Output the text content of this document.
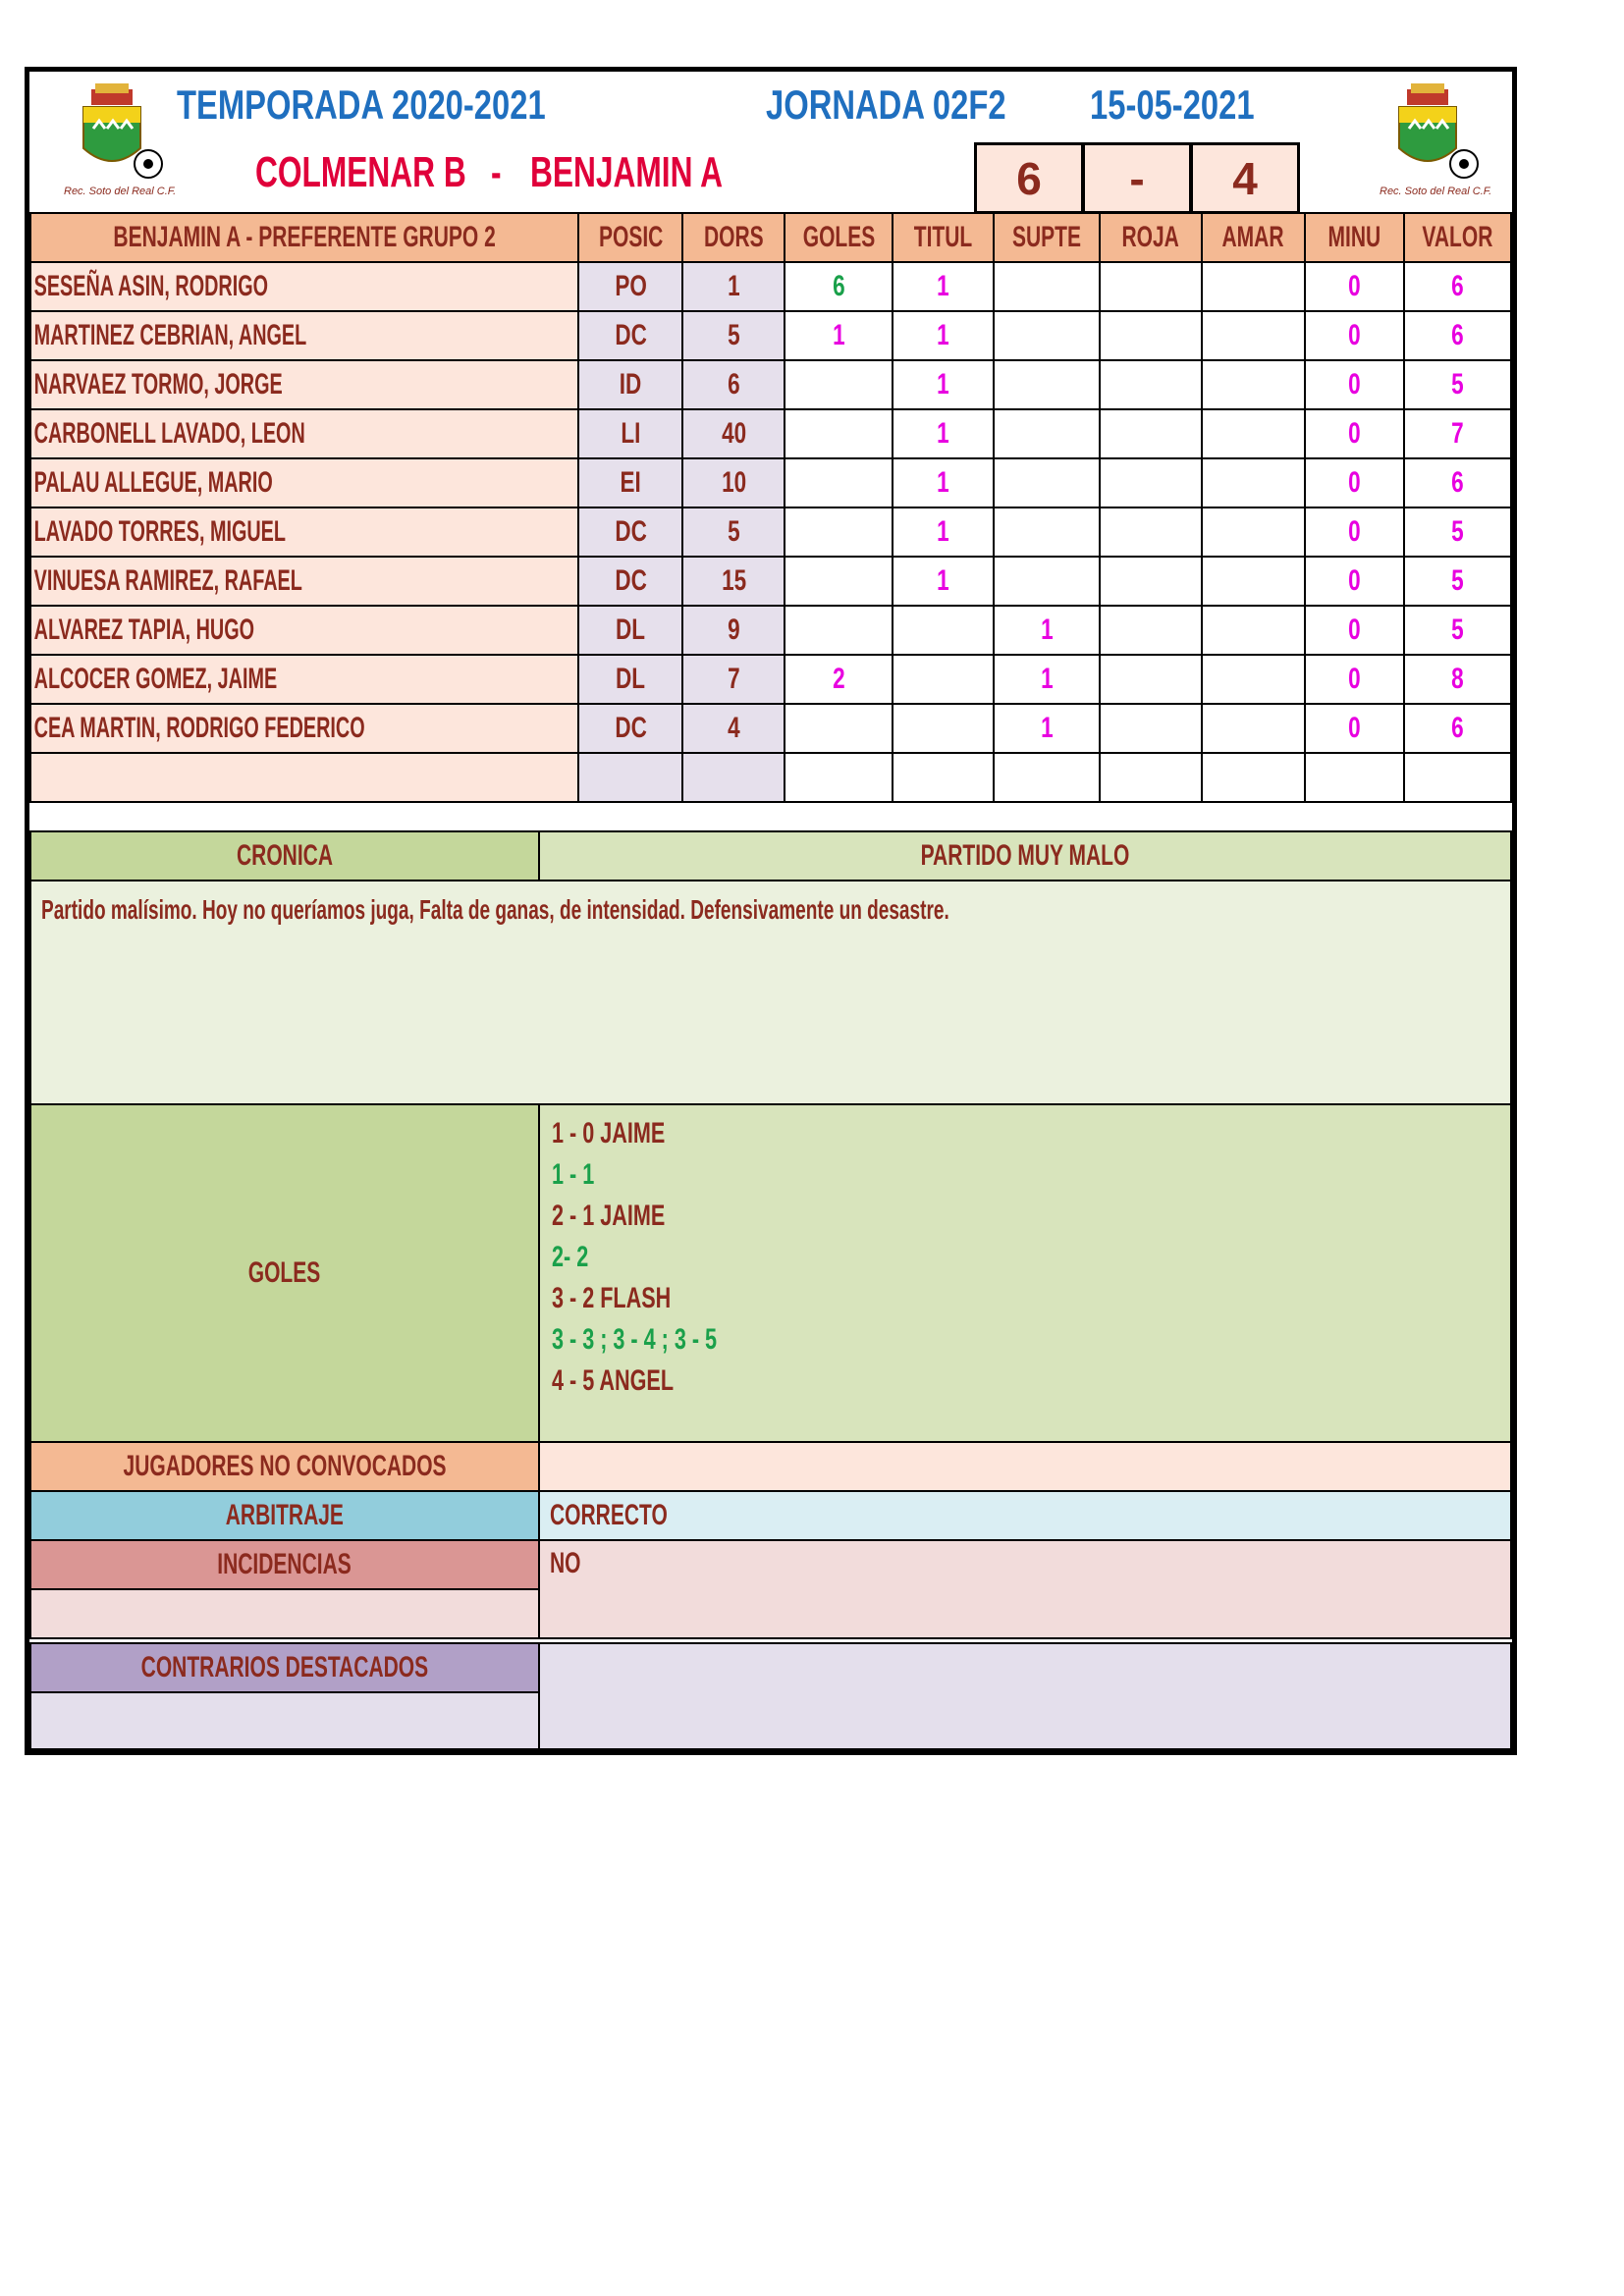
Rec. Soto del Real C.F.	Rec. Soto del Real C.F.
TEMPORADA 2020-2021	JORNADA 02F2	15-05-2021
COLMENAR B - BENJAMIN A	6	-	4
BENJAMIN A - PREFERENTE GRUPO 2	POSIC	DORS	GOLES	TITUL	SUPTE	ROJA	AMAR	MINU	VALOR
SESEÑA ASIN, RODRIGO	PO	1	6	1				0	6
MARTINEZ CEBRIAN, ANGEL	DC	5	1	1				0	6
NARVAEZ TORMO, JORGE	ID	6		1				0	5
CARBONELL LAVADO, LEON	LI	40		1				0	7
PALAU ALLEGUE, MARIO	EI	10		1				0	6
LAVADO TORRES, MIGUEL	DC	5		1				0	5
VINUESA RAMIREZ, RAFAEL	DC	15		1				0	5
ALVAREZ TAPIA, HUGO	DL	9			1			0	5
ALCOCER GOMEZ, JAIME	DL	7	2		1			0	8
CEA MARTIN, RODRIGO FEDERICO	DC	4			1			0	6

CRONICA	PARTIDO MUY MALO
Partido malísimo. Hoy no queríamos juga, Falta de ganas, de intensidad. Defensivamente un desastre.
GOLES
1 - 0 JAIME
1 - 1
2 - 1 JAIME
2- 2
3 - 2 FLASH
3 - 3 ; 3 - 4 ; 3 - 5
4 - 5 ANGEL
JUGADORES NO CONVOCADOS
ARBITRAJE	CORRECTO
INCIDENCIAS	NO
CONTRARIOS DESTACADOS
